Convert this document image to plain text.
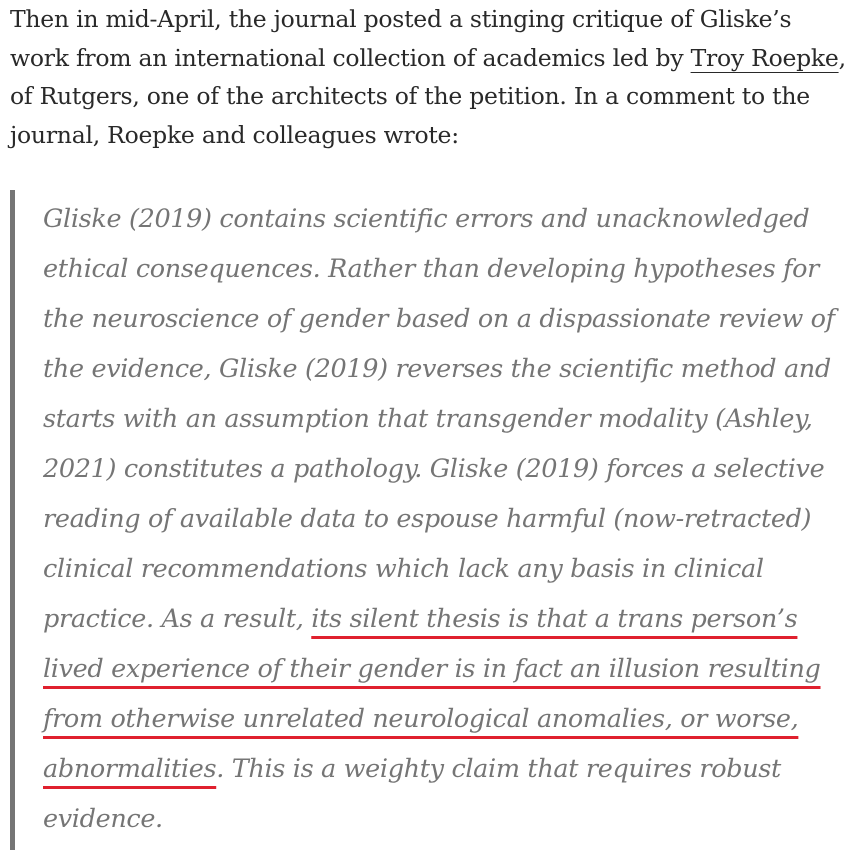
Then in mid-April, the journal posted a stinging critique of Gliske’s work from an international collection of academics led by Troy Roepke, of Rutgers, one of the architects of the petition. In a comment to the journal, Roepke and colleagues wrote:

Gliske (2019) contains scientific errors and unacknowledged ethical consequences. Rather than developing hypotheses for the neuroscience of gender based on a dispassionate review of the evidence, Gliske (2019) reverses the scientific method and starts with an assumption that transgender modality (Ashley, 2021) constitutes a pathology. Gliske (2019) forces a selective reading of available data to espouse harmful (now-retracted) clinical recommendations which lack any basis in clinical practice. As a result, its silent thesis is that a trans person’s lived experience of their gender is in fact an illusion resulting from otherwise unrelated neurological anomalies, or worse, abnormalities. This is a weighty claim that requires robust evidence.
